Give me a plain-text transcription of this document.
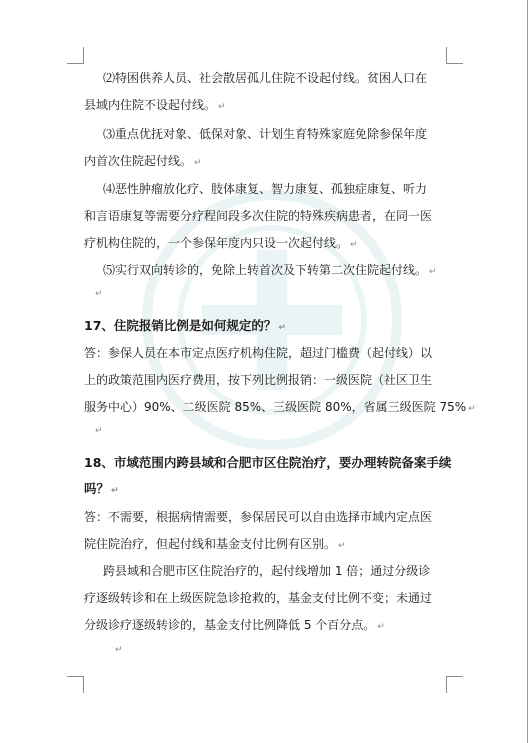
⑵特困供养人员、社会散居孤儿住院不设起付线。贫困人口在
县域内住院不设起付线。 ↵
⑶重点优抚对象、低保对象、计划生育特殊家庭免除参保年度
内首次住院起付线。 ↵
⑷恶性肿瘤放化疗、肢体康复、智力康复、孤独症康复、听力
和言语康复等需要分疗程间段多次住院的特殊疾病患者，在同一医
疗机构住院的，一个参保年度内只设一次起付线。 ↵
⑸实行双向转诊的，免除上转首次及下转第二次住院起付线。 ↵
↵
17、住院报销比例是如何规定的？ ↵
答：参保人员在本市定点医疗机构住院，超过门槛费（起付线）以
上的政策范围内医疗费用，按下列比例报销：一级医院（社区卫生
服务中心）90%、二级医院 85%、三级医院 80%，省属三级医院 75% ↵
↵
18、市域范围内跨县域和合肥市区住院治疗，要办理转院备案手续
吗？ ↵
答：不需要，根据病情需要，参保居民可以自由选择市域内定点医
院住院治疗，但起付线和基金支付比例有区别。 ↵
跨县域和合肥市区住院治疗的，起付线增加 1 倍；通过分级诊
疗逐级转诊和在上级医院急诊抢救的，基金支付比例不变；未通过
分级诊疗逐级转诊的，基金支付比例降低 5 个百分点。 ↵
↵
